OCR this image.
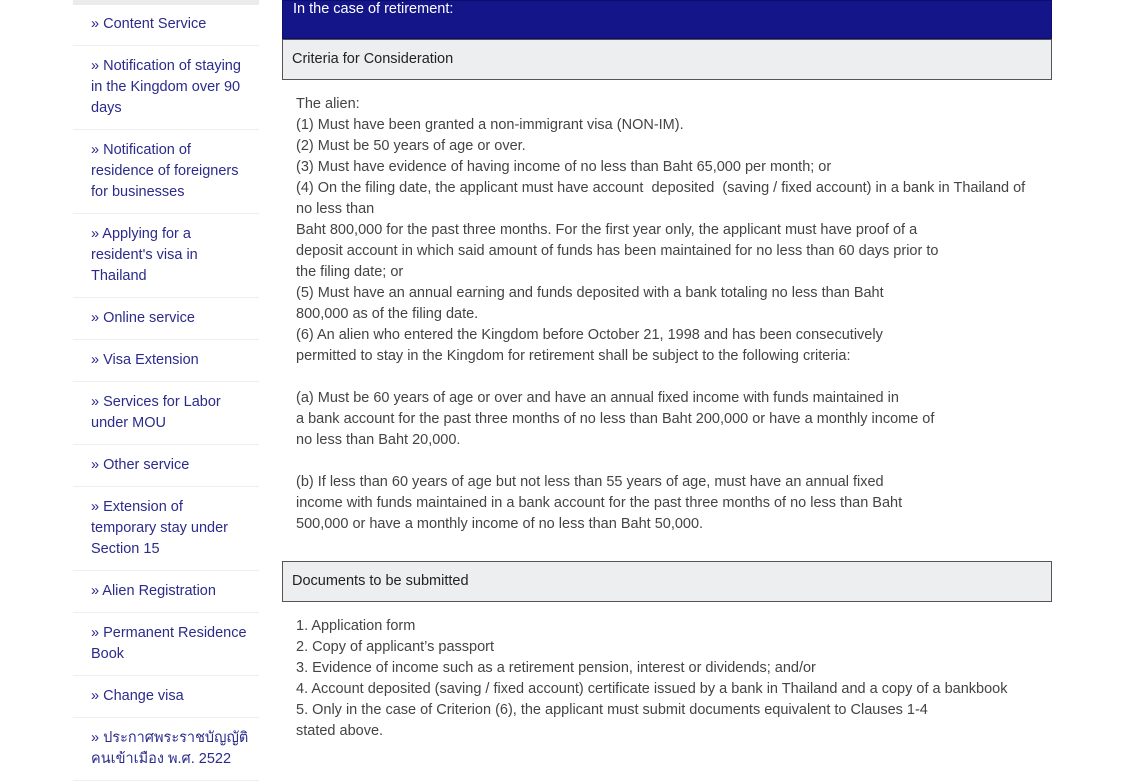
» Content Service
» Notification of staying in the Kingdom over 90 days
» Notification of residence of foreigners for businesses
» Applying for a resident's visa in Thailand
» Online service
» Visa Extension
» Services for Labor under MOU
» Other service
» Extension of temporary stay under Section 15
» Alien Registration
» Permanent Residence Book
» Change visa
» ประกาศพระราชบัญญัติคนเข้าเมือง พ.ศ. 2522
In the case of retirement:
Criteria for Consideration

The alien:

(1) Must have been granted a non-immigrant visa (NON-IM).

(2) Must be 50 years of age or over.

(3) Must have evidence of having income of no less than Baht 65,000 per month; or

(4) On the filing date, the applicant must have account  deposited  (saving / fixed account) in a bank in Thailand of no less than

Baht 800,000 for the past three months. For the first year only, the applicant must have proof of a

deposit account in which said amount of funds has been maintained for no less than 60 days prior to

the filing date; or

(5) Must have an annual earning and funds deposited with a bank totaling no less than Baht

800,000 as of the filing date.

(6) An alien who entered the Kingdom before October 21, 1998 and has been consecutively

permitted to stay in the Kingdom for retirement shall be subject to the following criteria:

(a) Must be 60 years of age or over and have an annual fixed income with funds maintained in

a bank account for the past three months of no less than Baht 200,000 or have a monthly income of

no less than Baht 20,000.

(b) If less than 60 years of age but not less than 55 years of age, must have an annual fixed

income with funds maintained in a bank account for the past three months of no less than Baht

500,000 or have a monthly income of no less than Baht 50,000.

Documents to be submitted

1. Application form

2. Copy of applicant’s passport

3. Evidence of income such as a retirement pension, interest or dividends; and/or

4. Account deposited (saving / fixed account) certificate issued by a bank in Thailand and a copy of a bankbook

5. Only in the case of Criterion (6), the applicant must submit documents equivalent to Clauses 1-4

stated above.
